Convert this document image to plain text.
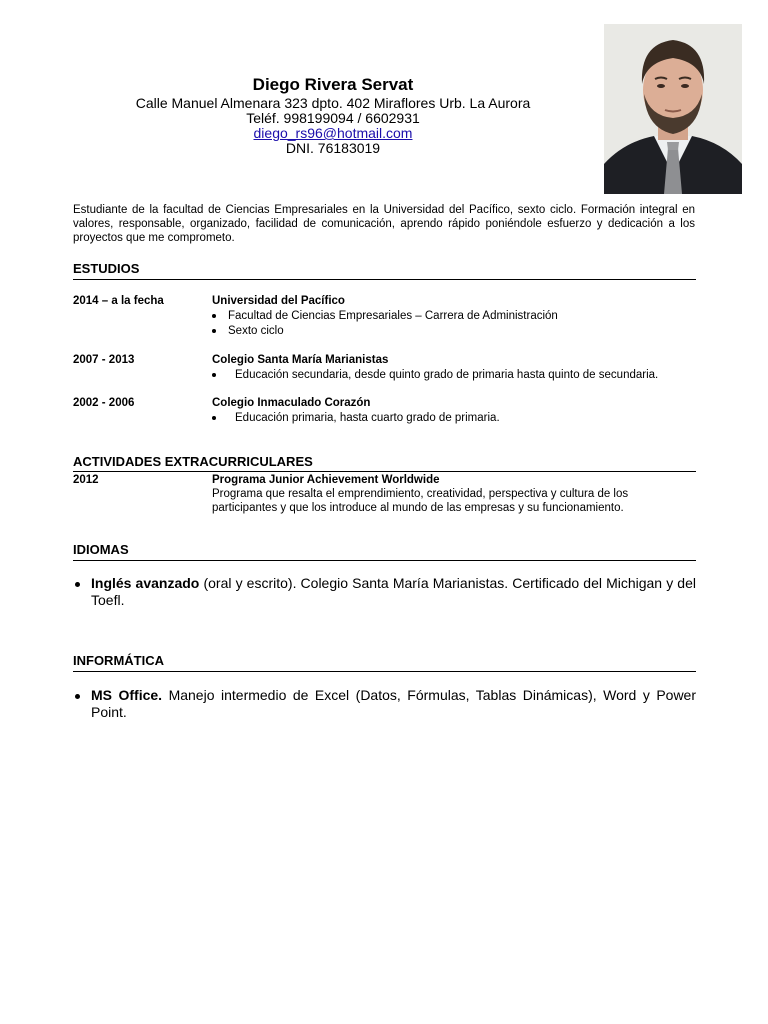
Diego Rivera Servat
Calle Manuel Almenara 323 dpto. 402 Miraflores Urb. La Aurora
Teléf. 998199094 / 6602931
diego_rs96@hotmail.com
DNI. 76183019
Estudiante de la facultad de Ciencias Empresariales en la Universidad del Pacífico, sexto ciclo. Formación integral en valores, responsable, organizado, facilidad de comunicación, aprendo rápido poniéndole esfuerzo y dedicación a los proyectos que me comprometo.
ESTUDIOS
2014 – a la fecha	Universidad del Pacífico
Facultad de Ciencias Empresariales – Carrera de Administración
Sexto ciclo
2007 - 2013	Colegio Santa María Marianistas
Educación secundaria, desde quinto grado de primaria hasta quinto de secundaria.
2002 - 2006	Colegio Inmaculado Corazón
Educación primaria, hasta cuarto grado de primaria.
ACTIVIDADES EXTRACURRICULARES
2012	Programa Junior Achievement Worldwide
Programa que resalta el emprendimiento, creatividad, perspectiva y cultura de los participantes y que los introduce al mundo de las empresas y su funcionamiento.
IDIOMAS
Inglés avanzado (oral y escrito). Colegio Santa María Marianistas. Certificado del Michigan y del Toefl.
INFORMÁTICA
MS Office. Manejo intermedio de Excel (Datos, Fórmulas, Tablas Dinámicas), Word y Power Point.
